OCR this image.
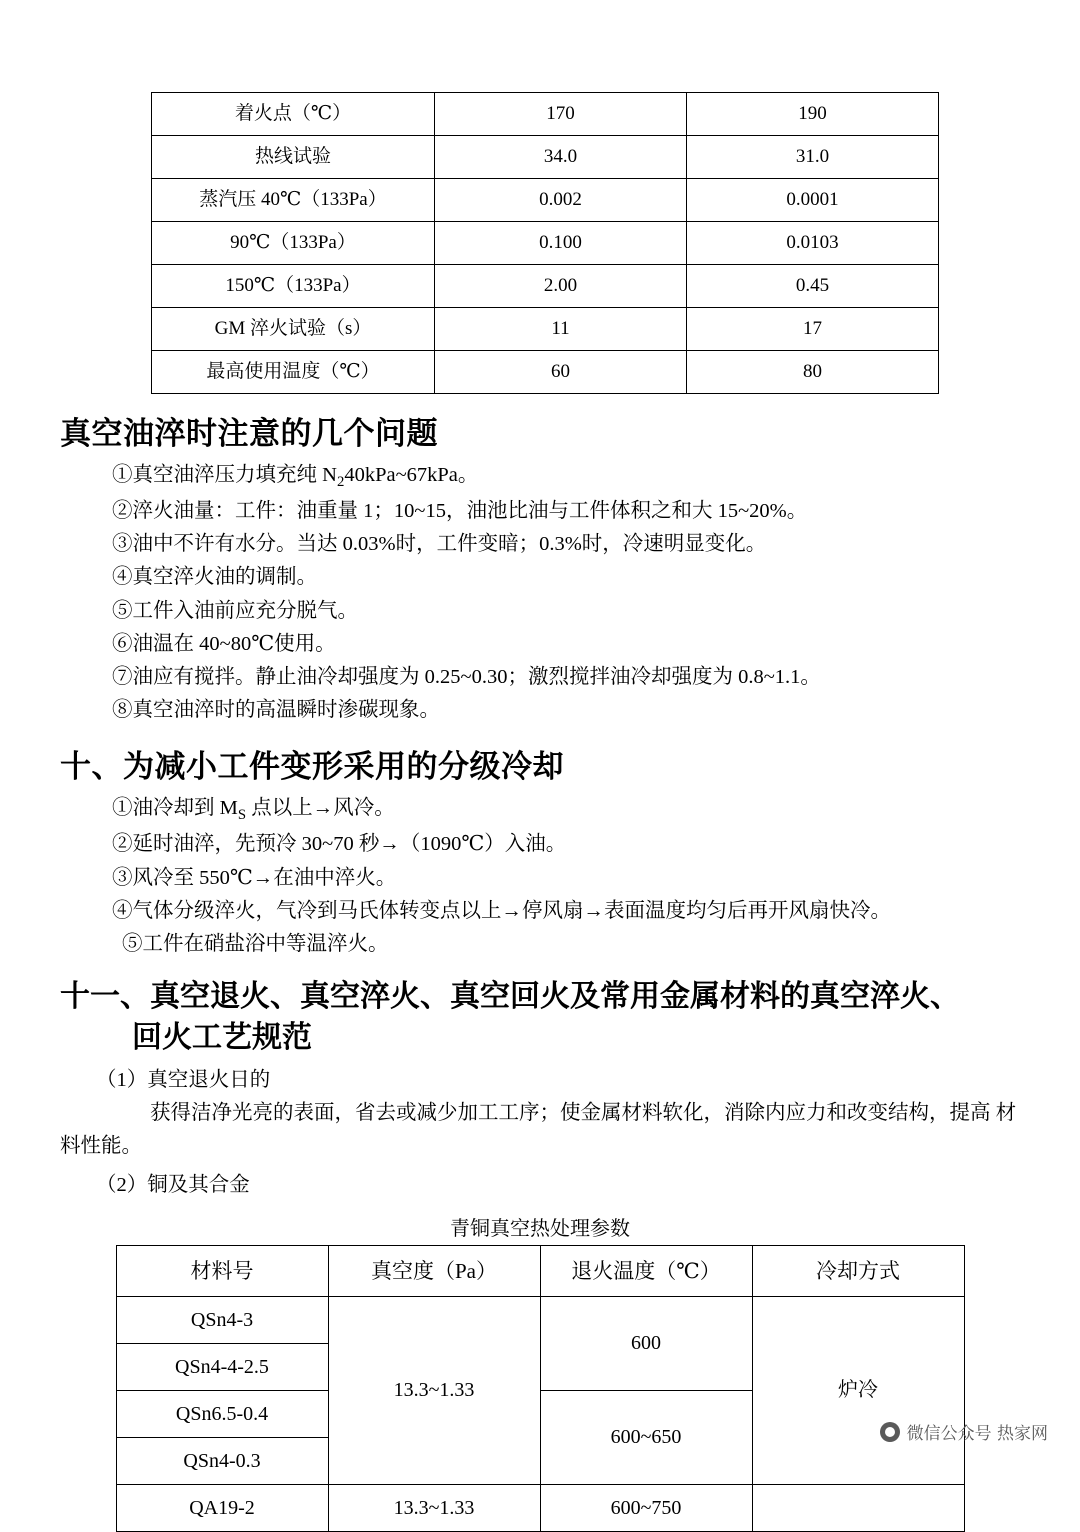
着火点（℃）	170	190
热线试验	34.0	31.0
蒸汽压 40℃（133Pa）	0.002	0.0001
90℃（133Pa）	0.100	0.0103
150℃（133Pa）	2.00	0.45
GM 淬火试验（s）	11	17
最高使用温度（℃）	60	80
真空油淬时注意的几个问题
①真空油淬压力填充纯 $N_240kPa\sim 67kPa$。
②淬火油量：工件：油重量 1；10~15，油池比油与工件体积之和大 15~20%。
③油中不许有水分。当达 0.03%时，工件变暗；0.3%时，冷速明显变化。
④真空淬火油的调制。
⑤工件入油前应充分脱气。
⑥油温在 40~80℃使用。
⑦油应有搅拌。静止油冷却强度为 0.25~0.30；激烈搅拌油冷却强度为 0.8~1.1。
⑧真空油淬时的高温瞬时渗碳现象。
十、为减小工件变形采用的分级冷却
①油冷却到 $M_S$ 点以上→风冷。
②延时油淬，先预冷 30~70 秒→（1090℃）入油。
③风冷至 550℃→在油中淬火。
④气体分级淬火，气冷到马氏体转变点以上→停风扇→表面温度均匀后再开风扇快冷。
⑤工件在硝盐浴中等温淬火。
十一、真空退火、真空淬火、真空回火及常用金属材料的真空淬火、
回火工艺规范
（1）真空退火日的

获得洁净光亮的表面，省去或减少加工工序；使金属材料软化，消除内应力和改变结构，提高 材料性能。

（2）铜及其合金
青铜真空热处理参数
材料号	真空度（Pa）	退火温度（℃）	冷却方式
QSn4-3	13.3~1.33	600	炉冷
QSn4-4-2.5			
QSn6.5-0.4		600~650	
QSn4-0.3			
QA19-2	13.3~1.33	600~750	
微信公众号 热家网
